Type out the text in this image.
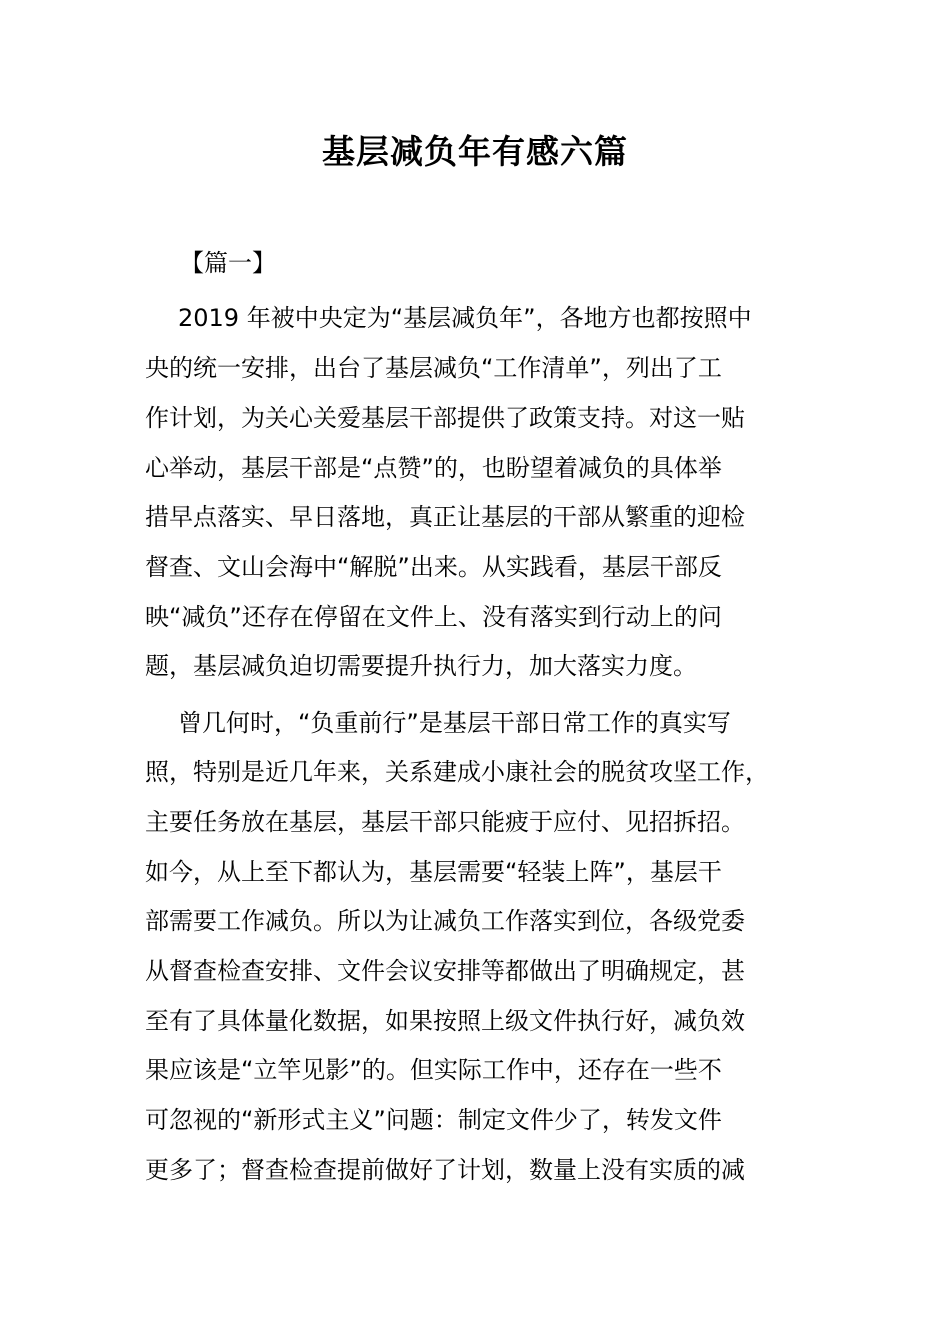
基层减负年有感六篇
【篇一】
2019 年被中央定为“基层减负年”，各地方也都按照中
央的统一安排，出台了基层减负“工作清单”，列出了工
作计划，为关心关爱基层干部提供了政策支持。对这一贴
心举动，基层干部是“点赞”的，也盼望着减负的具体举
措早点落实、早日落地，真正让基层的干部从繁重的迎检
督查、文山会海中“解脱”出来。从实践看，基层干部反
映“减负”还存在停留在文件上、没有落实到行动上的问
题，基层减负迫切需要提升执行力，加大落实力度。
曾几何时，“负重前行”是基层干部日常工作的真实写
照，特别是近几年来，关系建成小康社会的脱贫攻坚工作，
主要任务放在基层，基层干部只能疲于应付、见招拆招。
如今，从上至下都认为，基层需要“轻装上阵”，基层干
部需要工作减负。所以为让减负工作落实到位，各级党委
从督查检查安排、文件会议安排等都做出了明确规定，甚
至有了具体量化数据，如果按照上级文件执行好，减负效
果应该是“立竿见影”的。但实际工作中，还存在一些不
可忽视的“新形式主义”问题：制定文件少了，转发文件
更多了；督查检查提前做好了计划，数量上没有实质的减
